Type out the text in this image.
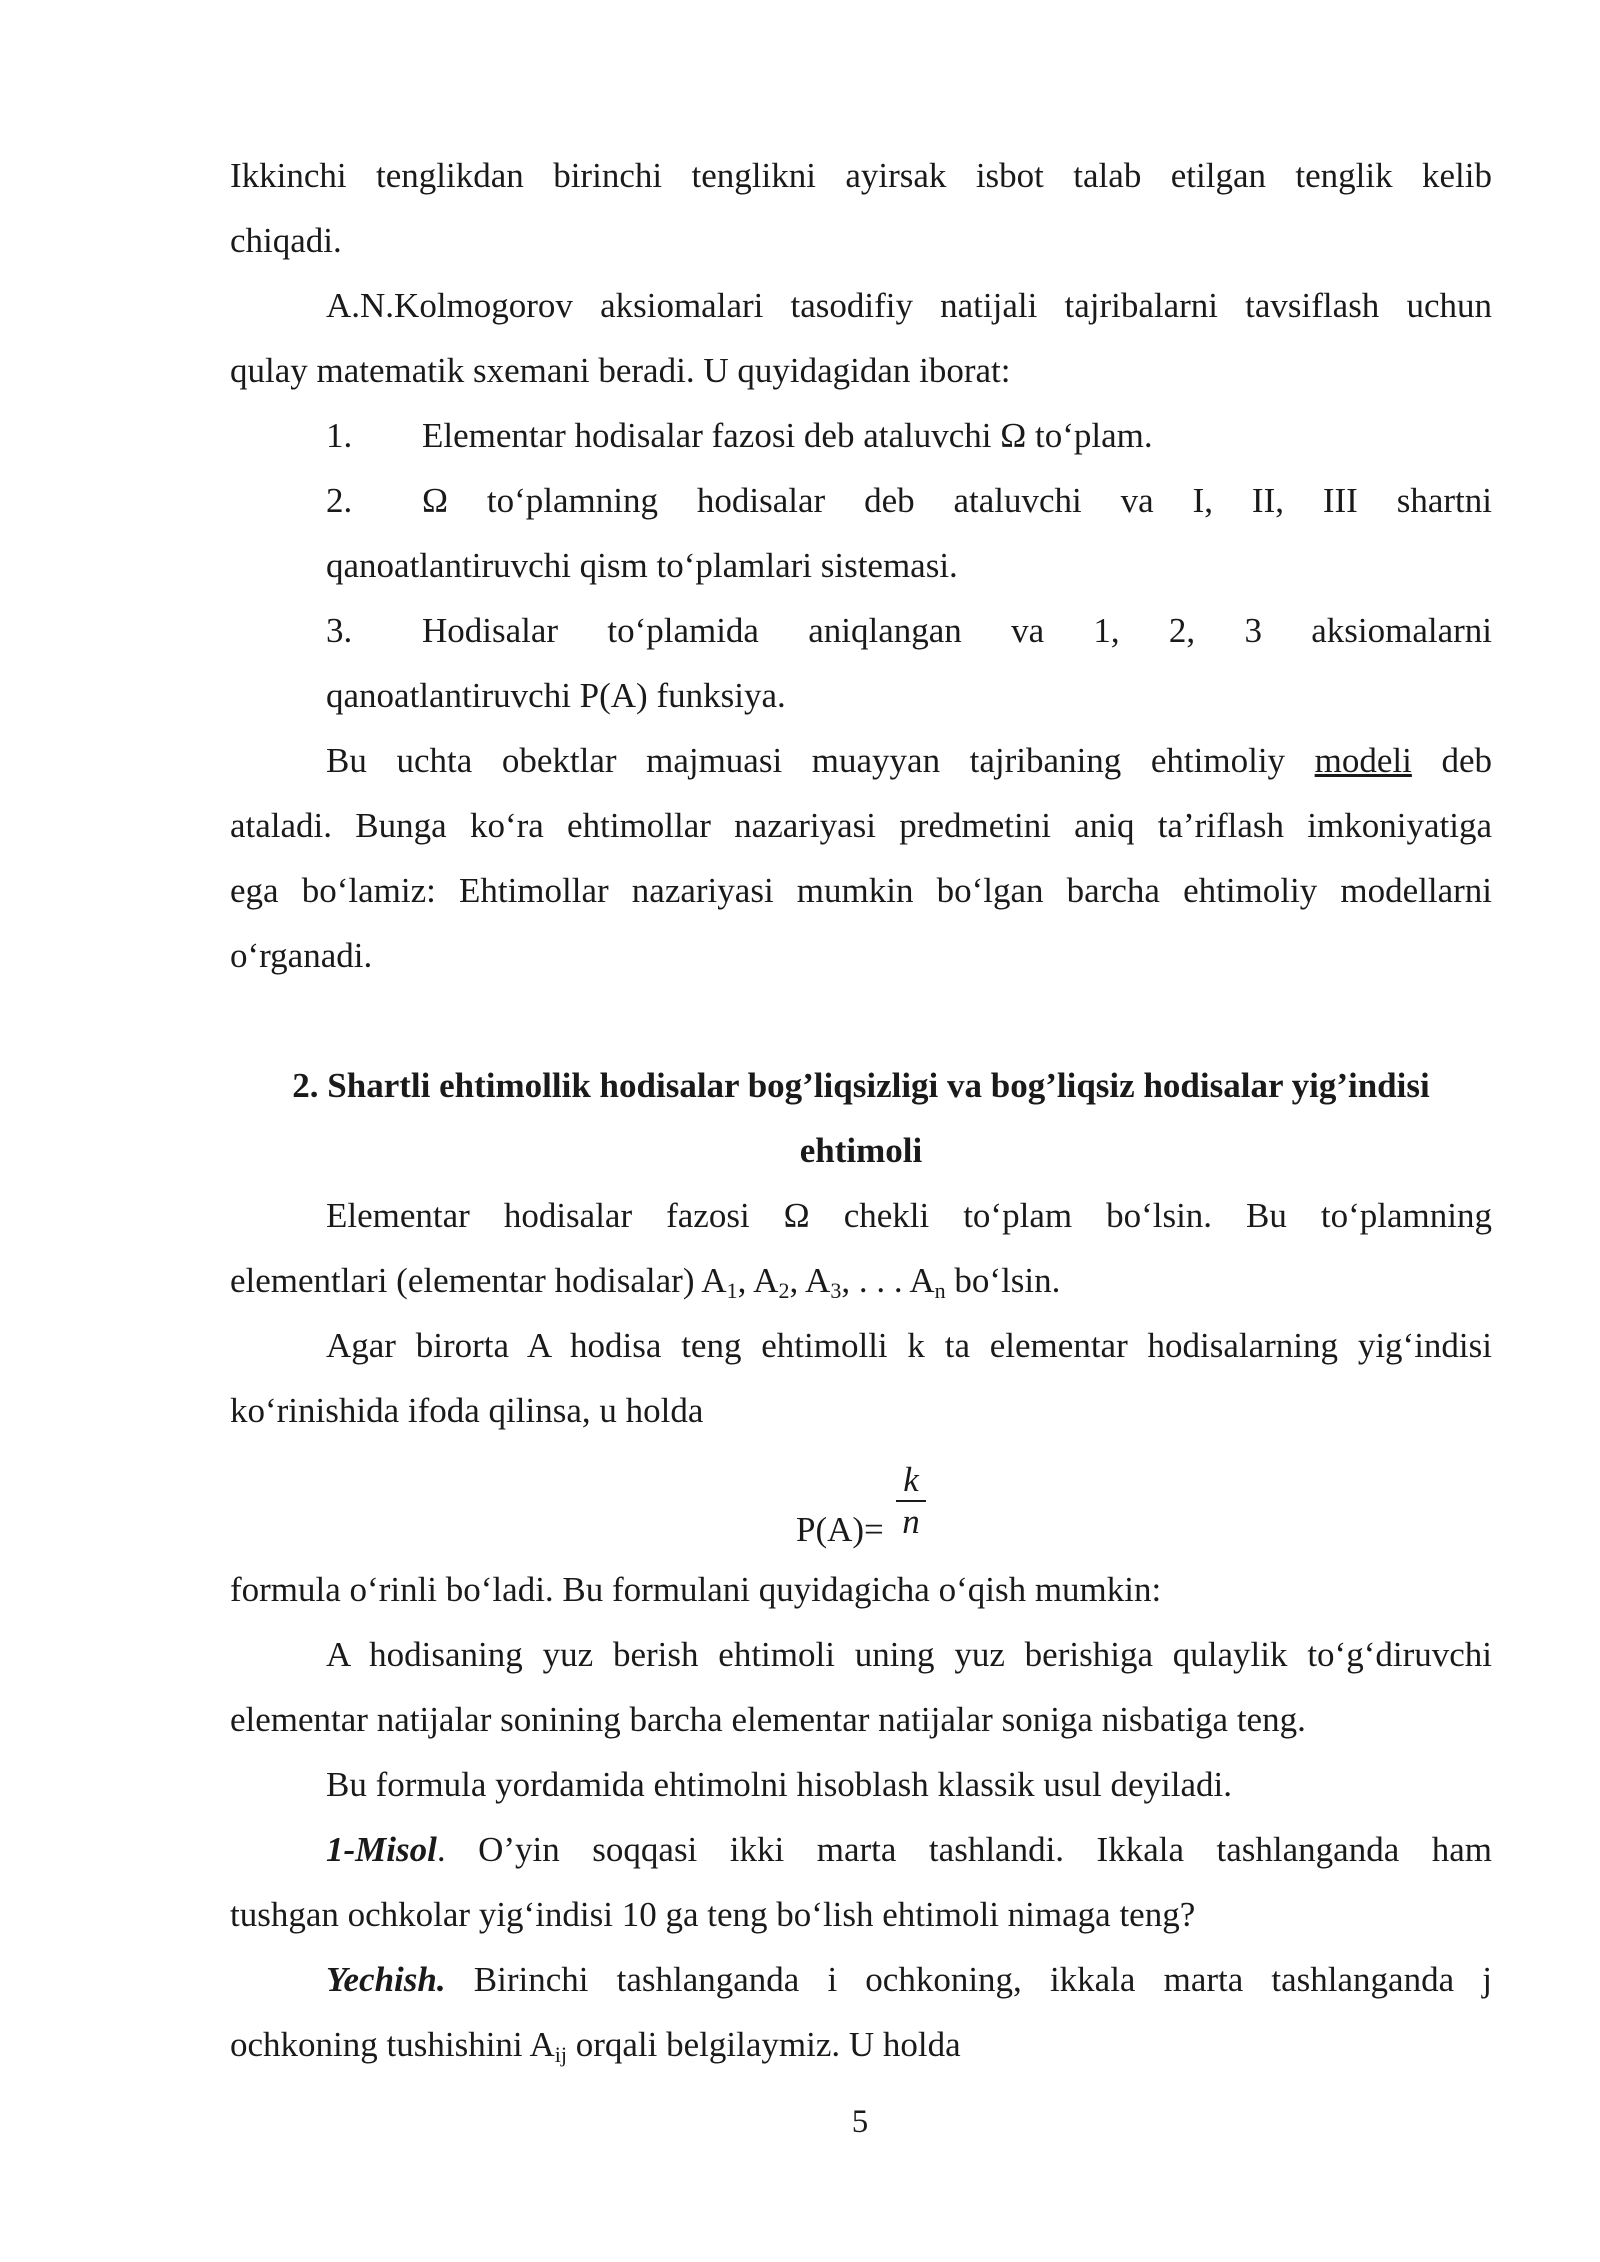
Ikkinchi tenglikdan birinchi tenglikni ayirsak isbot talab etilgan tenglik kelib
chiqadi.
A.N.Kolmogorov aksiomalari tasodifiy natijali tajribalarni tavsiflash uchun
qulay matematik sxemani beradi. U quyidagidan iborat:
1. Elementar hodisalar fazosi deb ataluvchi Ω to‘plam.
2. Ω to‘plamning hodisalar deb ataluvchi va I, II, III shartni
qanoatlantiruvchi qism to‘plamlari sistemasi.
3. Hodisalar to‘plamida aniqlangan va 1, 2, 3 aksiomalarni
qanoatlantiruvchi P(A) funksiya.
Bu uchta obektlar majmuasi muayyan tajribaning ehtimoliy modeli deb
ataladi. Bunga ko‘ra ehtimollar nazariyasi predmetini aniq ta’riflash imkoniyatiga
ega bo‘lamiz: Ehtimollar nazariyasi mumkin bo‘lgan barcha ehtimoliy modellarni
o‘rganadi.
2. Shartli ehtimollik hodisalar bog’liqsizligi va bog’liqsiz hodisalar yig’indisi
ehtimoli
Elementar hodisalar fazosi Ω chekli to‘plam bo‘lsin. Bu to‘plamning
elementlari (elementar hodisalar) $A_1$, $A_2$, $A_3$, . . . $A_n$ bo‘lsin.
Agar birorta A hodisa teng ehtimolli k ta elementar hodisalarning yig‘indisi
ko‘rinishida ifoda qilinsa, u holda
P(A)=
k
n
formula o‘rinli bo‘ladi. Bu formulani quyidagicha o‘qish mumkin:
A hodisaning yuz berish ehtimoli uning yuz berishiga qulaylik to‘g‘diruvchi
elementar natijalar sonining barcha elementar natijalar soniga nisbatiga teng.
Bu formula yordamida ehtimolni hisoblash klassik usul deyiladi.
1-Misol. O’yin soqqasi ikki marta tashlandi. Ikkala tashlanganda ham
tushgan ochkolar yig‘indisi 10 ga teng bo‘lish ehtimoli nimaga teng?
Yechish. Birinchi tashlanganda i ochkoning, ikkala marta tashlanganda j
ochkoning tushishini $A_{ij}$ orqali belgilaymiz. U holda
5
